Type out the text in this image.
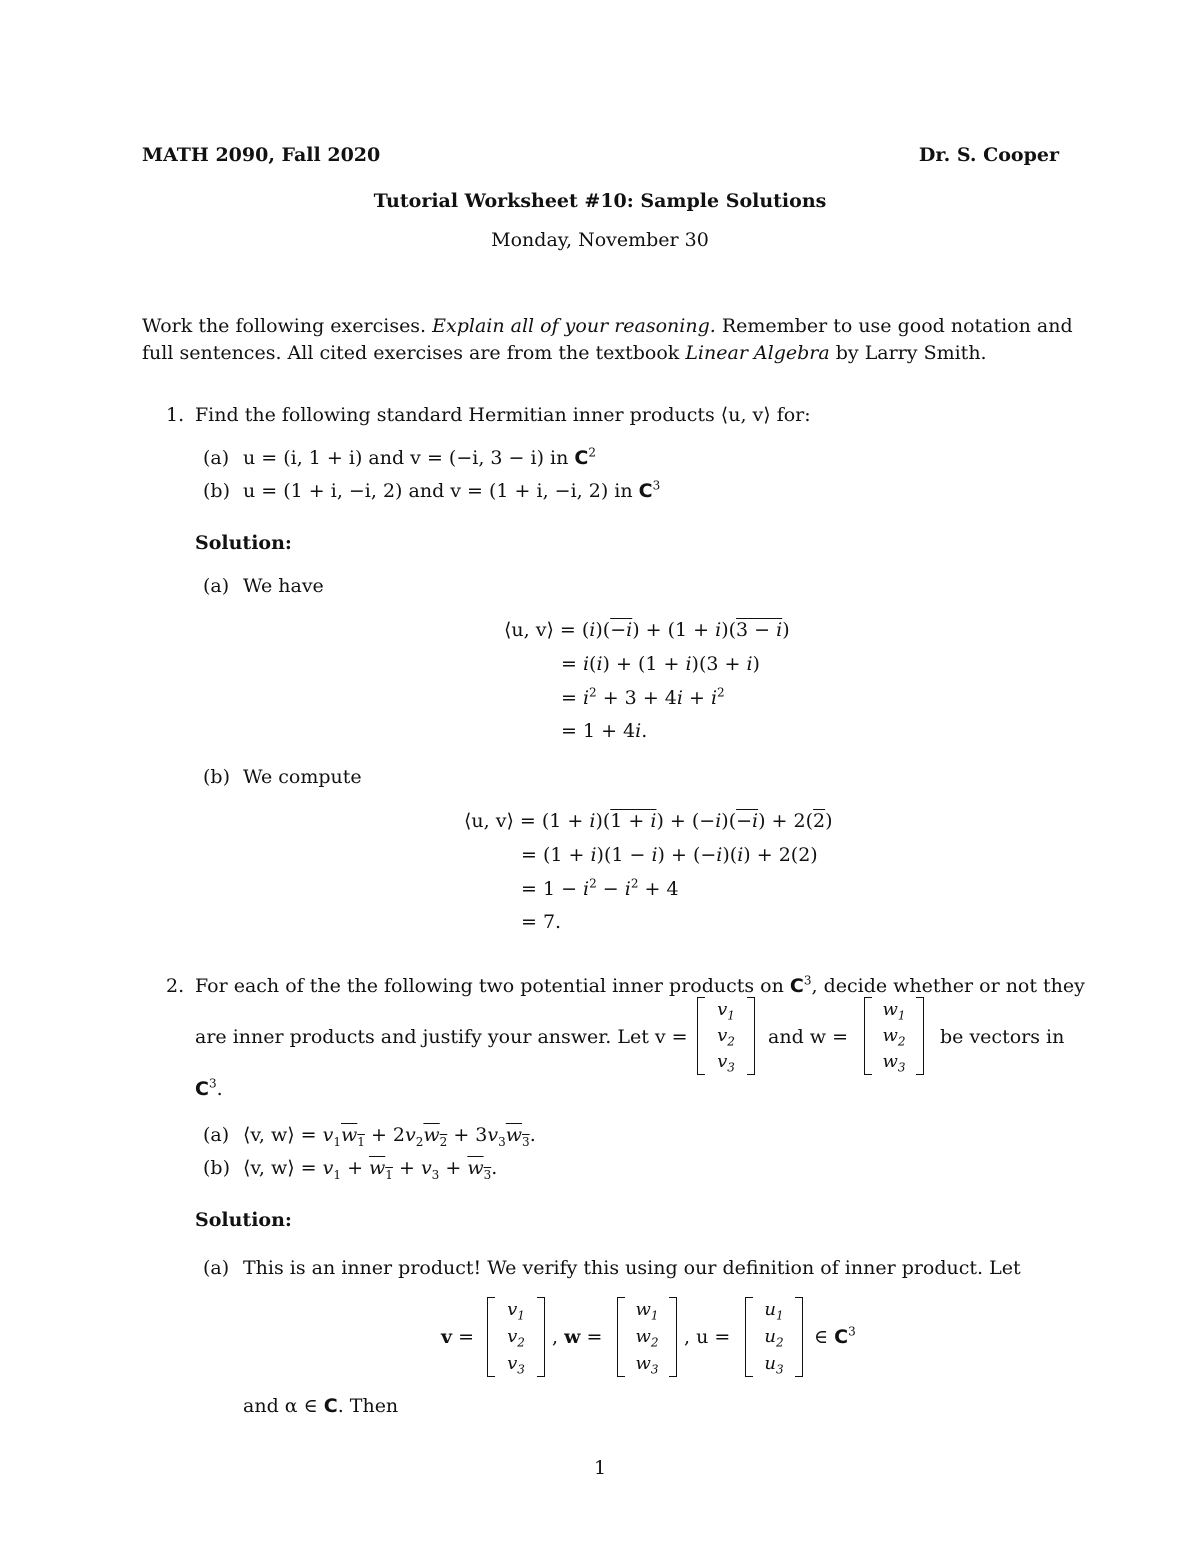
MATH 2090, Fall 2020	Dr. S. Cooper
Tutorial Worksheet #10: Sample Solutions
Monday, November 30
Work the following exercises. Explain all of your reasoning. Remember to use good notation and
full sentences. All cited exercises are from the textbook Linear Algebra by Larry Smith.
1. Find the following standard Hermitian inner products ⟨u, v⟩ for:
(a) u = (i, 1 + i) and v = (−i, 3 − i) in $C^2$
(b) u = (1 + i, −i, 2) and v = (1 + i, −i, 2) in $C^3$
Solution:
(a) We have
⟨u, v⟩ = (i)(−i) + (1 + i)(3 − i)
= i(i) + (1 + i)(3 + i)
= $i^2 + 3 + 4i + i^2$
= 1 + 4i.
(b) We compute
⟨u, v⟩ = (1 + i)(1 + i) + (−i)(−i) + 2(2)
= (1 + i)(1 − i) + (−i)(i) + 2(2)
= $1 - i^2 - i^2 + 4$
= 7.
2. For each of the the following two potential inner products on $C^3$, decide whether or not they
are inner products and justify your answer. Let v =
$v_1$
$v_2$
$v_3$
and w =
$w_1$
$w_2$
$w_3$
be vectors in
$C^3$.
(a) ⟨v, w⟩ = $v_1w_1 + 2v_2w_2 + 3v_3w_3$.
(b) ⟨v, w⟩ = $v_1 + w_1 + v_3 + w_3$.
Solution:
(a) This is an inner product! We verify this using our definition of inner product. Let
v =
$v_1$
$v_2$
$v_3$
, w =
$w_1$
$w_2$
$w_3$
, u =
$u_1$
$u_2$
$u_3$
∈ $C^3$
and α ∈ C. Then
1
